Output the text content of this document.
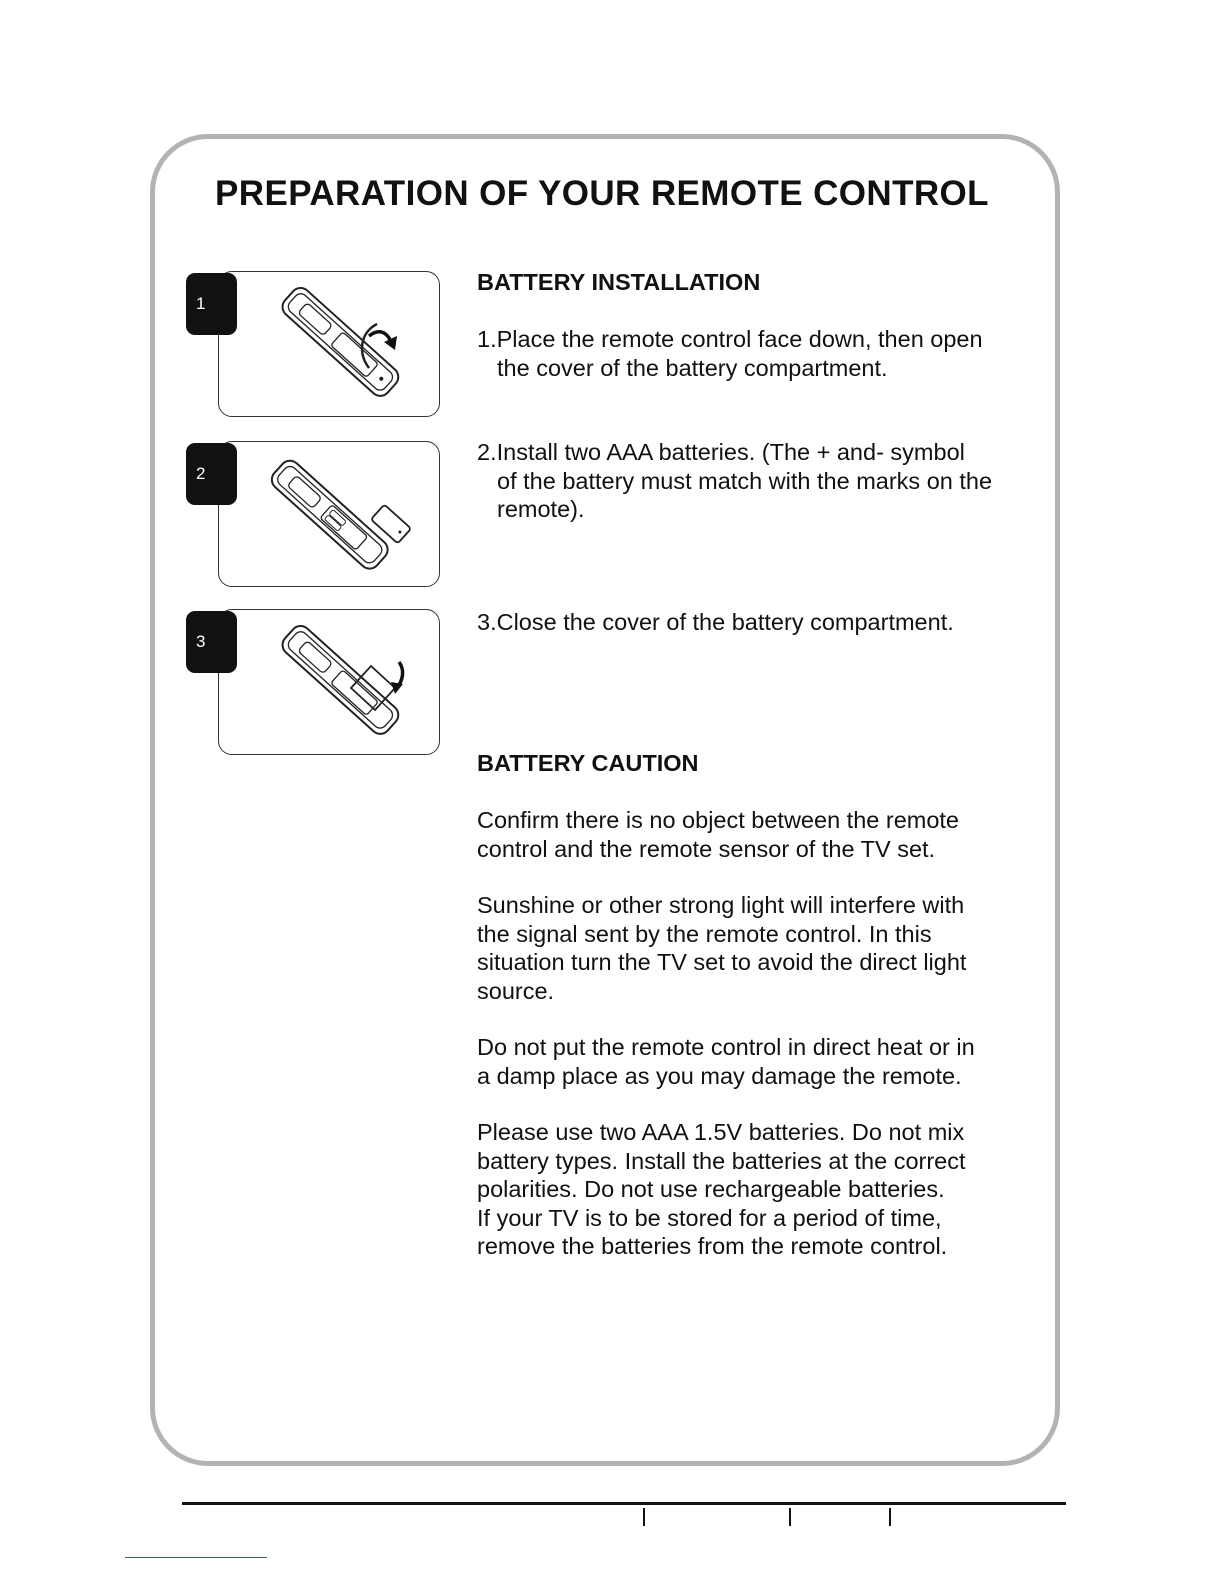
PREPARATION OF YOUR REMOTE CONTROL
1
2
3

BATTERY INSTALLATION

1.Place the remote control face down, then open
the cover of the battery compartment.
2.Install two AAA batteries. (The + and- symbol
of the battery must match with the marks on the
remote).
3.Close the cover of the battery compartment.

BATTERY CAUTION

Confirm there is no object between the remote
control and the remote sensor of the TV set.
Sunshine or other strong light will interfere with
the signal sent by the remote control. In this
situation turn the TV set to avoid the direct light
source.
Do not put the remote control in direct heat or in
a damp place as you may damage the remote.
Please use two AAA 1.5V batteries. Do not mix
battery types. Install the batteries at the correct
polarities. Do not use rechargeable batteries.
If your TV is to be stored for a period of time,
remove the batteries from the remote control.
